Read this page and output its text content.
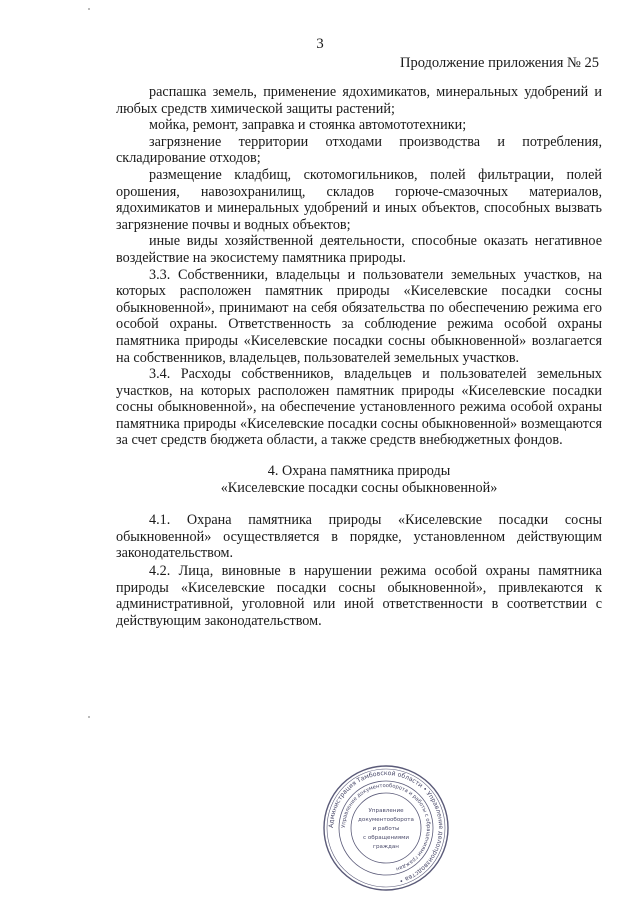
3
Продолжение приложения № 25

распашка земель, применение ядохимикатов, минеральных удобрений и любых средств химической защиты растений;

мойка, ремонт, заправка и стоянка автомототехники;

загрязнение территории отходами производства и потребления, складирование отходов;

размещение кладбищ, скотомогильников, полей фильтрации, полей орошения, навозохранилищ, складов горюче-смазочных материалов, ядохимикатов и минеральных удобрений и иных объектов, способных вызвать загрязнение почвы и водных объектов;

иные виды хозяйственной деятельности, способные оказать негативное воздействие на экосистему памятника природы.

3.3. Собственники, владельцы и пользователи земельных участков, на которых расположен памятник природы «Киселевские посадки сосны обыкновенной», принимают на себя обязательства по обеспечению режима его особой охраны. Ответственность за соблюдение режима особой охраны памятника природы «Киселевские посадки сосны обыкновенной» возлагается на собственников, владельцев, пользователей земельных участков.

3.4. Расходы собственников, владельцев и пользователей земельных участков, на которых расположен памятник природы «Киселевские посадки сосны обыкновенной», на обеспечение установленного режима особой охраны памятника природы «Киселевские посадки сосны обыкновенной» возмещаются за счет средств бюджета области, а также средств внебюджетных фондов.

4. Охрана памятника природы
«Киселевские посадки сосны обыкновенной»

4.1. Охрана памятника природы «Киселевские посадки сосны обыкновенной» осуществляется в порядке, установленном действующим законодательством.

4.2. Лица, виновные в нарушении режима особой охраны памятника природы «Киселевские посадки сосны обыкновенной», привлекаются к административной, уголовной или иной ответственности в соответствии с действующим законодательством.

Администрация Тамбовской области • Управление делопроизводства •
Управление документооборота и работы с обращениями граждан
Управление
документооборота
и работы
с обращениями
граждан
